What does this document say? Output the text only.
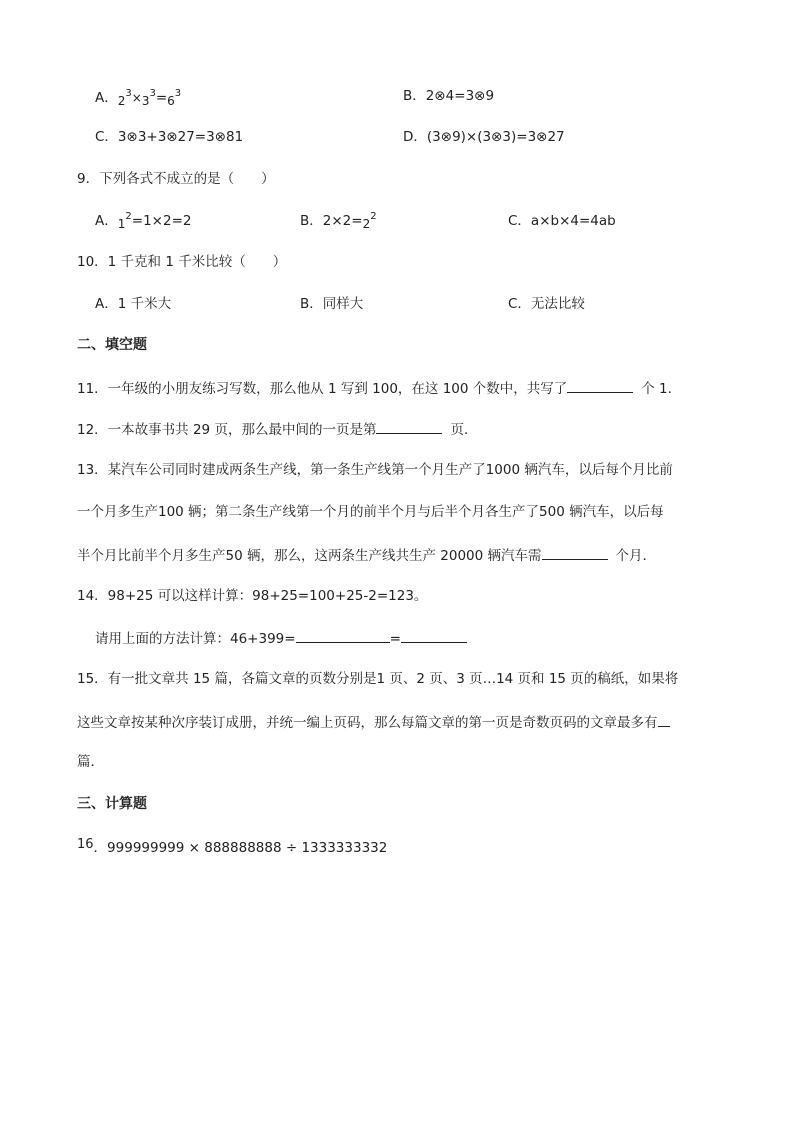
A．$2^3\times 3^3=6^3$	B．2⊗4=3⊗9
C．3⊗3+3⊗27=3⊗81	D．(3⊗9)×(3⊗3)=3⊗27
9．下列各式不成立的是（　　）
A．$1^2=1\times 2=2$	B．$2\times 2=2^2$	C．a×b×4=4ab
10．1 千克和 1 千米比较（　　）
A．1 千米大	B．同样大	C．无法比较
二、填空题
11．一年级的小朋友练习写数，那么他从 1 写到 100，在这 100 个数中，共写了	个 1．
12．一本故事书共 29 页，那么最中间的一页是第	页．
13．某汽车公司同时建成两条生产线，第一条生产线第一个月生产了1000 辆汽车，以后每个月比前
一个月多生产100 辆；第二条生产线第一个月的前半个月与后半个月各生产了500 辆汽车，以后每
半个月比前半个月多生产50 辆，那么，这两条生产线共生产 20000 辆汽车需	个月．
14．98+25 可以这样计算：98+25=100+25-2=123。
请用上面的方法计算：46+399=	=
15．有一批文章共 15 篇，各篇文章的页数分别是1 页、2 页、3 页…14 页和 15 页的稿纸，如果将
这些文章按某种次序装订成册，并统一编上页码，那么每篇文章的第一页是奇数页码的文章最多有
篇．
三、计算题
16．999999999 × 888888888 ÷ 1333333332
